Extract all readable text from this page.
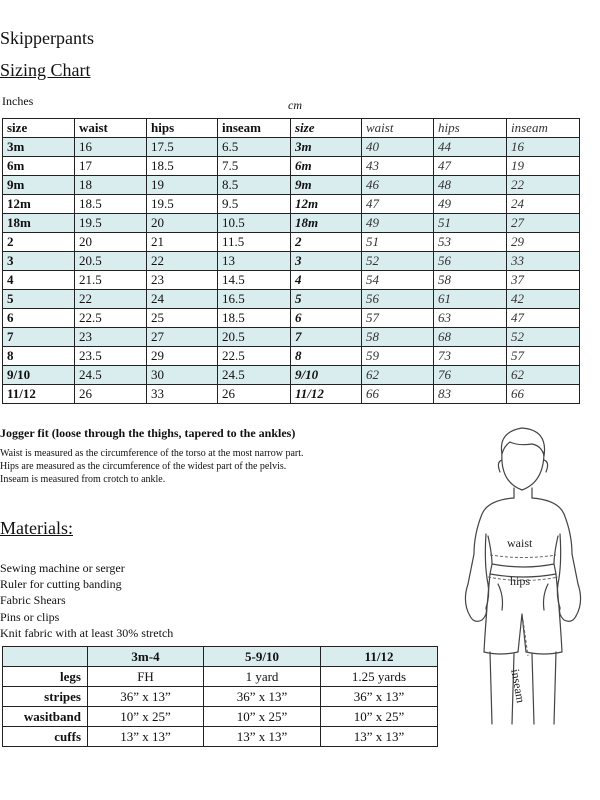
Skipperpants
Sizing Chart
Inches	cm
size	waist	hips	inseam	size	waist	hips	inseam
3m	16	17.5	6.5	3m	40	44	16
6m	17	18.5	7.5	6m	43	47	19
9m	18	19	8.5	9m	46	48	22
12m	18.5	19.5	9.5	12m	47	49	24
18m	19.5	20	10.5	18m	49	51	27
2	20	21	11.5	2	51	53	29
3	20.5	22	13	3	52	56	33
4	21.5	23	14.5	4	54	58	37
5	22	24	16.5	5	56	61	42
6	22.5	25	18.5	6	57	63	47
7	23	27	20.5	7	58	68	52
8	23.5	29	22.5	8	59	73	57
9/10	24.5	30	24.5	9/10	62	76	62
11/12	26	33	26	11/12	66	83	66
Jogger fit (loose through the thighs, tapered to the ankles)
Waist is measured as the circumference of the torso at the most narrow part.
Hips are measured as the circumference of the widest part of the pelvis.
Inseam is measured from crotch to ankle.
Materials:
Sewing machine or serger
Ruler for cutting banding
Fabric Shears
Pins or clips
Knit fabric with at least 30% stretch
	3m-4	5-9/10	11/12
legs	FH	1 yard	1.25 yards
stripes	36” x 13”	36” x 13”	36” x 13”
wasitband	10” x 25”	10” x 25”	10” x 25”
cuffs	13” x 13”	13” x 13”	13” x 13”
waist
hips
inseam
